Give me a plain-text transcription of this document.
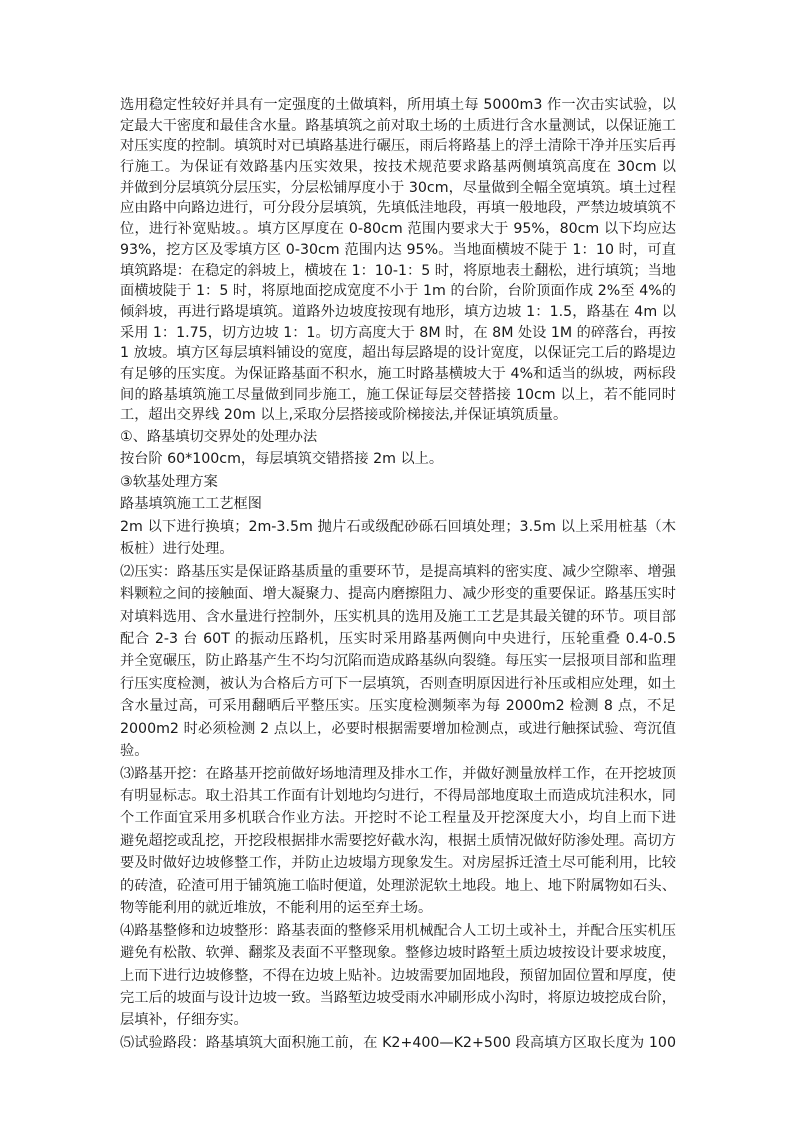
选用稳定性较好并具有一定强度的土做填料，所用填土每 5000m3 作一次击实试验，以
定最大干密度和最佳含水量。路基填筑之前对取土场的土质进行含水量测试，以保证施工
对压实度的控制。填筑时对已填路基进行碾压，雨后将路基上的浮土清除干净并压实后再
行施工。为保证有效路基内压实效果，按技术规范要求路基两侧填筑高度在 30cm 以
并做到分层填筑分层压实，分层松铺厚度小于 30cm，尽量做到全幅全宽填筑。填土过程
应由路中向路边进行，可分段分层填筑，先填低洼地段，再填一般地段，严禁边坡填筑不
位，进行补宽贴坡。。填方区厚度在 0-80cm 范围内要求大于 95%，80cm 以下均应达
93%，挖方区及零填方区 0-30cm 范围内达 95%。当地面横坡不陡于 1：10 时，可直
填筑路堤：在稳定的斜坡上，横坡在 1：10-1：5 时，将原地表土翻松，进行填筑；当地
面横坡陡于 1：5 时，将原地面挖成宽度不小于 1m 的台阶，台阶顶面作成 2%至 4%的
倾斜坡，再进行路堤填筑。道路外边坡度按现有地形，填方边坡 1：1.5，路基在 4m 以
采用 1：1.75，切方边坡 1：1。切方高度大于 8M 时，在 8M 处设 1M 的碎落台，再按
1 放坡。填方区每层填料铺设的宽度，超出每层路堤的设计宽度，以保证完工后的路堤边
有足够的压实度。为保证路基面不积水，施工时路基横坡大于 4%和适当的纵坡，两标段
间的路基填筑施工尽量做到同步施工，施工保证每层交替搭接 10cm 以上，若不能同时
工，超出交界线 20m 以上,采取分层搭接或阶梯接法,并保证填筑质量。
①、路基填切交界处的处理办法
按台阶 60*100cm，每层填筑交错搭接 2m 以上。
③软基处理方案
路基填筑施工工艺框图
2m 以下进行换填；2m-3.5m 抛片石或级配砂砾石回填处理；3.5m 以上采用桩基（木
板桩）进行处理。
⑵压实：路基压实是保证路基质量的重要环节，是提高填料的密实度、减少空隙率、增强
料颗粒之间的接触面、增大凝聚力、提高内磨擦阻力、减少形变的重要保证。路基压实时
对填料选用、含水量进行控制外，压实机具的选用及施工工艺是其最关键的环节。项目部
配合 2-3 台 60T 的振动压路机，压实时采用路基两侧向中央进行，压轮重叠 0.4-0.5
并全宽碾压，防止路基产生不均匀沉陷而造成路基纵向裂缝。每压实一层报项目部和监理
行压实度检测，被认为合格后方可下一层填筑，否则查明原因进行补压或相应处理，如土
含水量过高，可采用翻晒后平整压实。压实度检测频率为每 2000m2 检测 8 点，不足
2000m2 时必须检测 2 点以上，必要时根据需要增加检测点，或进行触探试验、弯沉值
验。
⑶路基开挖：在路基开挖前做好场地清理及排水工作，并做好测量放样工作，在开挖坡顶
有明显标志。取土沿其工作面有计划地均匀进行，不得局部地度取土而造成坑洼积水，同
个工作面宜采用多机联合作业方法。开挖时不论工程量及开挖深度大小，均自上而下进
避免超挖或乱挖，开挖段根据排水需要挖好截水沟，根据土质情况做好防渗处理。高切方
要及时做好边坡修整工作，并防止边坡塌方现象发生。对房屋拆迁渣土尽可能利用，比较
的砖渣，砼渣可用于铺筑施工临时便道，处理淤泥软土地段。地上、地下附属物如石头、
物等能利用的就近堆放，不能利用的运至弃土场。
⑷路基整修和边坡整形：路基表面的整修采用机械配合人工切土或补土，并配合压实机压
避免有松散、软弹、翻浆及表面不平整现象。整修边坡时路堑土质边坡按设计要求坡度，
上而下进行边坡修整，不得在边坡上贴补。边坡需要加固地段，预留加固位置和厚度，使
完工后的坡面与设计边坡一致。当路堑边坡受雨水冲刷形成小沟时，将原边坡挖成台阶，
层填补，仔细夯实。
⑸试验路段：路基填筑大面积施工前，在 K2+400—K2+500 段高填方区取长度为 100
